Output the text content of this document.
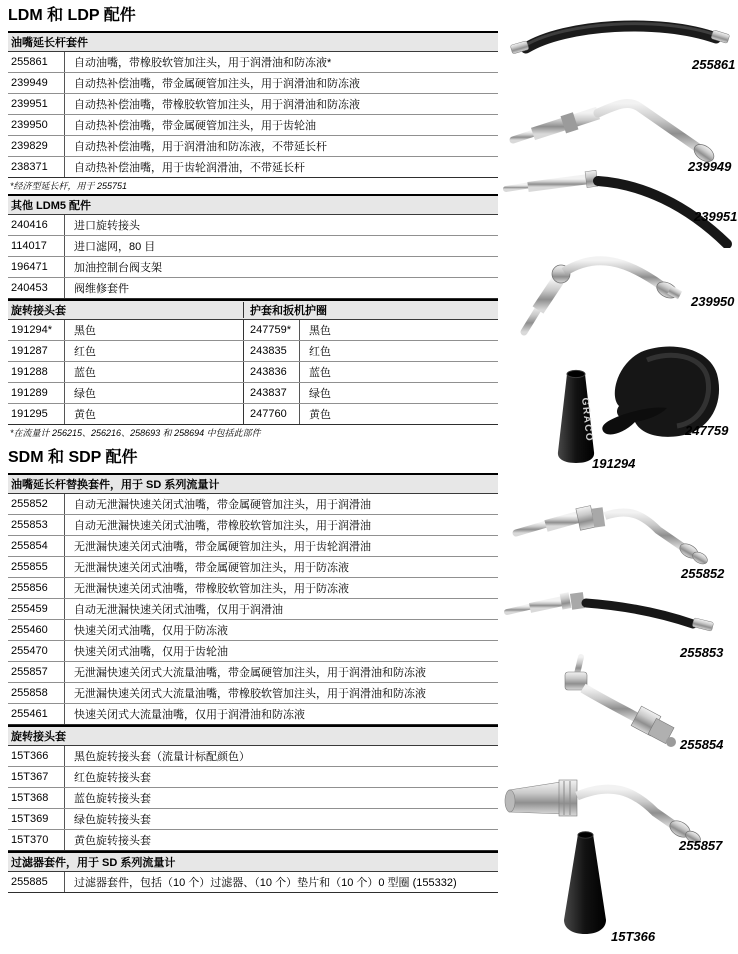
LDM 和 LDP 配件
油嘴延长杆套件
255861	自动油嘴，带橡胶软管加注头，用于润滑油和防冻液*
239949	自动热补偿油嘴，带金属硬管加注头，用于润滑油和防冻液
239951	自动热补偿油嘴，带橡胶软管加注头，用于润滑油和防冻液
239950	自动热补偿油嘴，带金属硬管加注头，用于齿轮油
239829	自动热补偿油嘴，用于润滑油和防冻液，不带延长杆
238371	自动热补偿油嘴，用于齿轮润滑油，不带延长杆
*经济型延长杆，用于 255751
其他 LDM5 配件
240416	进口旋转接头
114017	进口滤网，80 目
196471	加油控制台阀支架
240453	阀维修套件
旋转接头套	护套和扳机护圈
191294*	黑色	247759*	黑色
191287	红色	243835	红色
191288	蓝色	243836	蓝色
191289	绿色	243837	绿色
191295	黄色	247760	黄色
*在流量计 256215、256216、258693 和 258694 中包括此部件
SDM 和 SDP 配件
油嘴延长杆替换套件，用于 SD 系列流量计
255852	自动无泄漏快速关闭式油嘴，带金属硬管加注头，用于润滑油
255853	自动无泄漏快速关闭式油嘴，带橡胶软管加注头，用于润滑油
255854	无泄漏快速关闭式油嘴，带金属硬管加注头，用于齿轮润滑油
255855	无泄漏快速关闭式油嘴，带金属硬管加注头，用于防冻液
255856	无泄漏快速关闭式油嘴，带橡胶软管加注头，用于防冻液
255459	自动无泄漏快速关闭式油嘴，仅用于润滑油
255460	快速关闭式油嘴，仅用于防冻液
255470	快速关闭式油嘴，仅用于齿轮油
255857	无泄漏快速关闭式大流量油嘴，带金属硬管加注头，用于润滑油和防冻液
255858	无泄漏快速关闭式大流量油嘴，带橡胶软管加注头，用于润滑油和防冻液
255461	快速关闭式大流量油嘴，仅用于润滑油和防冻液
旋转接头套
15T366	黑色旋转接头套（流量计标配颜色）
15T367	红色旋转接头套
15T368	蓝色旋转接头套
15T369	绿色旋转接头套
15T370	黄色旋转接头套
过滤器套件，用于 SD 系列流量计
255885	过滤器套件，包括（10 个）过滤器、（10 个）垫片和（10 个）0 型圈 (155332)
GRACO
255861
239949
239951
239950
247759
191294
255852
255853
255854
255857
15T366
